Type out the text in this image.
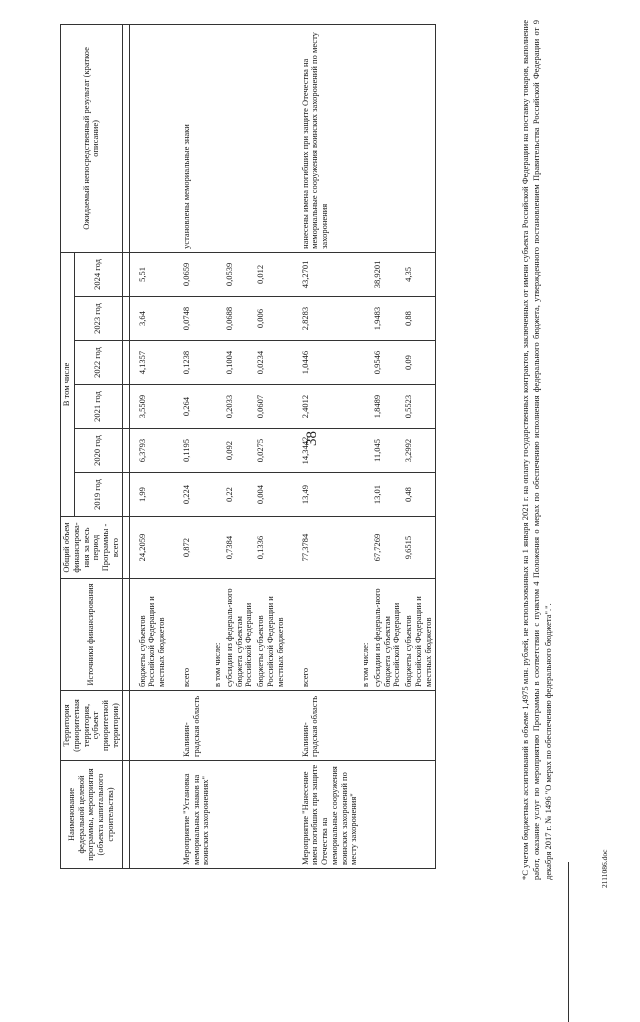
38
Наименование федеральной целевой программы, мероприятия (объекта капитального строительства)	Территория (приоритетная территория, субъект приоритетной территории)	Источники финансирования	Общий объем финансирова-ния за весь период Программы - всего	В том числе						Ожидаемый непосредственный результат (краткое описание)
				2019 год	2020 год	2021 год	2022 год	2023 год	2024 год	

		бюджеты субъектов Российской Федерации и местных бюджетов	24,2059	1,99	6,3793	3,5509	4,1357	3,64	5,51	
Мероприятие "Установка мемориальных знаков на воинских захоронениях"	Калинин-градская область	всего	0,872	0,224	0,1195	0,264	0,1238	0,0748	0,0659	установлены мемориальные знаки
		в том числе:								
		субсидии из федераль-ного бюджета субъектам Российской Федерации	0,7384	0,22	0,092	0,2033	0,1004	0,0688	0,0539	
		бюджеты субъектов Российской Федерации и местных бюджетов	0,1336	0,004	0,0275	0,0607	0,0234	0,006	0,012	
Мероприятие "Нанесение имен погибших при защите Отечества на мемориальные сооружения воинских захоронений по месту захоронения"	Калинин-градская область	всего	77,3784	13,49	14,3442	2,4012	1,0446	2,8283	43,2701	нанесены имена погибших при защите Отечества на мемориальные сооружения воинских захоронений по месту захоронения
		в том числе:								
		субсидии из федераль-ного бюджета субъектам Российской Федерации	67,7269	13,01	11,045	1,8489	0,9546	1,9483	38,9201	
		бюджеты субъектов Российской Федерации и местных бюджетов	9,6515	0,48	3,2992	0,5523	0,09	0,88	4,35		*С учетом бюджетных ассигнований в объеме 1,4975 млн. рублей, не использованных на 1 января 2021 г. на оплату государственных контрактов, заключенных от имени субъекта Российской Федерации на поставку товаров, выполнение работ, оказание услуг по мероприятию Программы в соответствии с пунктом 4 Положения о мерах по обеспечению исполнения федерального бюджета, утвержденного постановлением Правительства Российской Федерации от 9 декабря 2017 г. № 1496 "О мерах по обеспечению федерального бюджета".".	2111086.doc
